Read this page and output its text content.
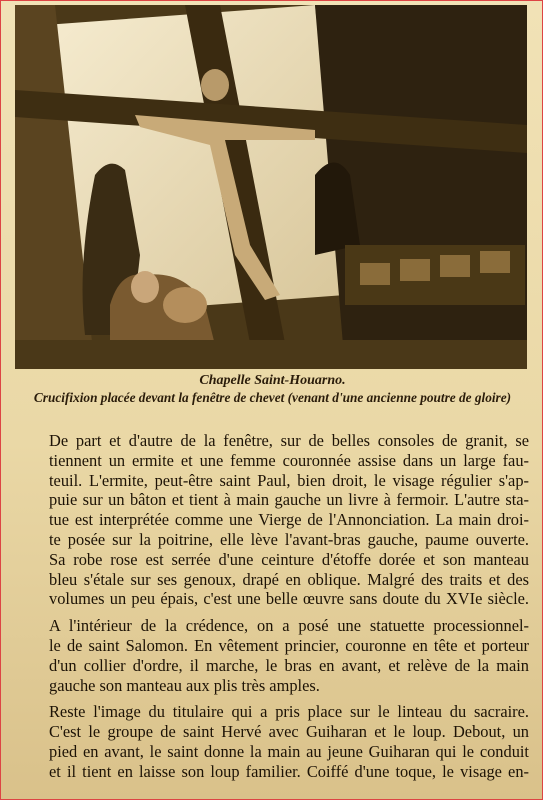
Chapelle Saint-Houarno.
Crucifixion placée devant la fenêtre de chevet (venant d'une ancienne poutre de gloire)

De part et d'autre de la fenêtre, sur de belles consoles de granit, se
tiennent un ermite et une femme couronnée assise dans un large fau-
teuil. L'ermite, peut-être saint Paul, bien droit, le visage régulier s'ap-
puie sur un bâton et tient à main gauche un livre à fermoir. L'autre sta-
tue est interprétée comme une Vierge de l'Annonciation. La main droi-
te posée sur la poitrine, elle lève l'avant-bras gauche, paume ouverte.
Sa robe rose est serrée d'une ceinture d'étoffe dorée et son manteau
bleu s'étale sur ses genoux, drapé en oblique. Malgré des traits et des
volumes un peu épais, c'est une belle œuvre sans doute du XVIe siècle.

A l'intérieur de la crédence, on a posé une statuette processionnel-
le de saint Salomon. En vêtement princier, couronne en tête et porteur
d'un collier d'ordre, il marche, le bras en avant, et relève de la main
gauche son manteau aux plis très amples.

Reste l'image du titulaire qui a pris place sur le linteau du sacraire.
C'est le groupe de saint Hervé avec Guiharan et le loup. Debout, un
pied en avant, le saint donne la main au jeune Guiharan qui le conduit
et il tient en laisse son loup familier. Coiffé d'une toque, le visage en-
